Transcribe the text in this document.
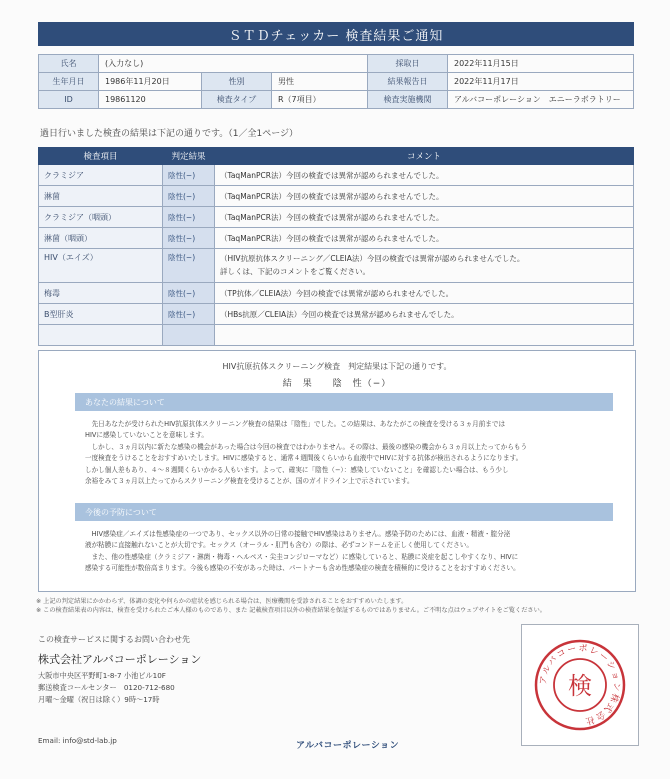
ＳＴＤチェッカー 検査結果ご通知
氏名	(入力なし)			採取日	2022年11月15日
生年月日	1986年11月20日	性別	男性	結果報告日	2022年11月17日
ID	19861120	検査タイプ	R（7項目）	検査実施機関	アルバコーポレーション　エニーラボラトリー
過日行いました検査の結果は下記の通りです。（1／全1ページ）
検査項目	判定結果	コメント
クラミジア	陰性(−)	（TaqManPCR法）今回の検査では異常が認められませんでした。
淋菌	陰性(−)	（TaqManPCR法）今回の検査では異常が認められませんでした。
クラミジア（咽頭）	陰性(−)	（TaqManPCR法）今回の検査では異常が認められませんでした。
淋菌（咽頭）	陰性(−)	（TaqManPCR法）今回の検査では異常が認められませんでした。
HIV（エイズ）	陰性(−)	（HIV抗原抗体スクリーニング／CLEIA法）今回の検査では異常が認められませんでした。
詳しくは、下記のコメントをご覧ください。

梅毒	陰性(−)	（TP抗体／CLEIA法）今回の検査では異常が認められませんでした。
B型肝炎	陰性(−)	（HBs抗原／CLEIA法）今回の検査では異常が認められませんでした。

HIV抗原抗体スクリーニング検査　判定結果は下記の通りです。
結　果　　陰　性（−）
あなたの結果について
　先日あなたが受けられたHIV抗原抗体スクリーニング検査の結果は「陰性」でした。この結果は、あなたがこの検査を受ける３ヵ月前までは
HIVに感染していないことを意味します。
　しかし、３ヵ月以内に新たな感染の機会があった場合は今回の検査ではわかりません。その際は、最後の感染の機会から３ヵ月以上たってからもう
一度検査をうけることをおすすめいたします。HIVに感染すると、通常４週間後くらいから血液中でHIVに対する抗体が検出されるようになります。
しかし個人差もあり、４〜８週間くらいかかる人もいます。よって、確実に「陰性（−）：感染していないこと」を確認したい場合は、もう少し
余裕をみて３ヵ月以上たってからスクリーニング検査を受けることが、国のガイドライン上で示されています。
今後の予防について
　HIV感染症／エイズは性感染症の一つであり、セックス以外の日常の接触でHIV感染はありません。感染予防のためには、血液・精液・膣分泌
液が粘膜に直接触れないことが大切です。セックス（オーラル・肛門も含む）の際は、必ずコンドームを正しく使用してください。
　また、他の性感染症（クラミジア・淋菌・梅毒・ヘルペス・尖圭コンジローマなど）に感染していると、粘膜に炎症を起こしやすくなり、HIVに
感染する可能性が数倍高まります。今後も感染の不安があった時は、パートナーも含め性感染症の検査を積極的に受けることをおすすめください。
※ 上記の判定結果にかかわらず、体調の変化や何らかの症状を感じられる場合は、医療機関を受診されることをおすすめいたします。
※ この検査結果表の内容は、検査を受けられたご本人様のものであり、また 記載検査項目以外の検査結果を保証するものではありません。ご不明な点はウェブサイトをご覧ください。
この検査サービスに関するお問い合わせ先
株式会社アルバコーポレーション
大阪市中央区平野町1-8-7 小池ビル10F
郵送検査コールセンター　0120-712-680
月曜〜金曜（祝日は除く）9時〜17時
Email: info@std-lab.jp
アルバコーポレーション
アルバコーポレーション株式会社
検
